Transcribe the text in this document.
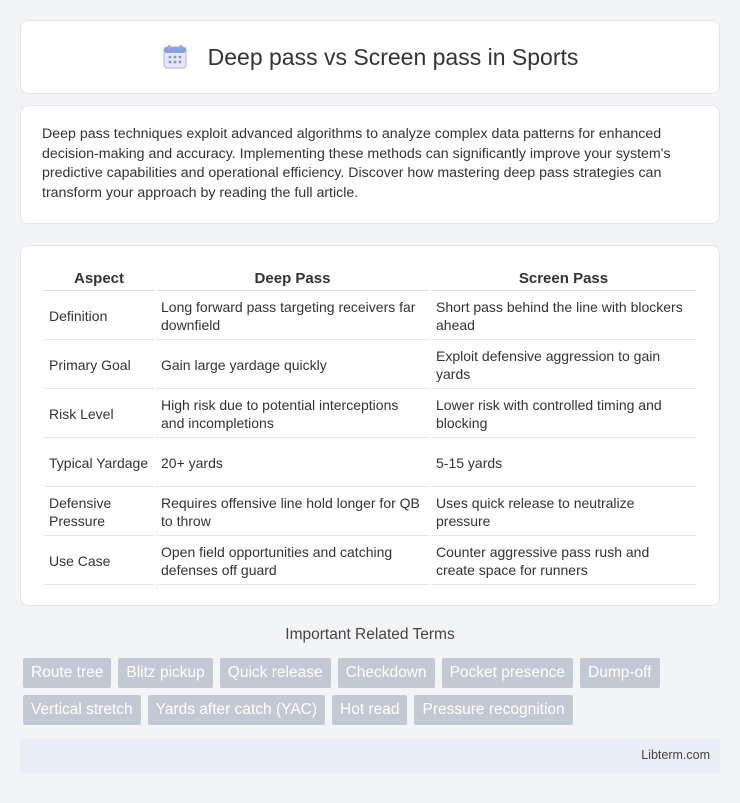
Deep pass vs Screen pass in Sports

Deep pass techniques exploit advanced algorithms to analyze complex data patterns for enhanced decision-making and accuracy. Implementing these methods can significantly improve your system's predictive capabilities and operational efficiency. Discover how mastering deep pass strategies can transform your approach by reading the full article.

Aspect	Deep Pass	Screen Pass
Definition	Long forward pass targeting receivers far downfield	Short pass behind the line with blockers ahead
Primary Goal	Gain large yardage quickly	Exploit defensive aggression to gain yards
Risk Level	High risk due to potential interceptions and incompletions	Lower risk with controlled timing and blocking
Typical Yardage	20+ yards	5-15 yards
Defensive Pressure	Requires offensive line hold longer for QB to throw	Uses quick release to neutralize pressure
Use Case	Open field opportunities and catching defenses off guard	Counter aggressive pass rush and create space for runners
Important Related Terms
Route tree	Blitz pickup	Quick release	Checkdown	Pocket presence	Dump-off
Vertical stretch	Yards after catch (YAC)	Hot read	Pressure recognition
Libterm.com
